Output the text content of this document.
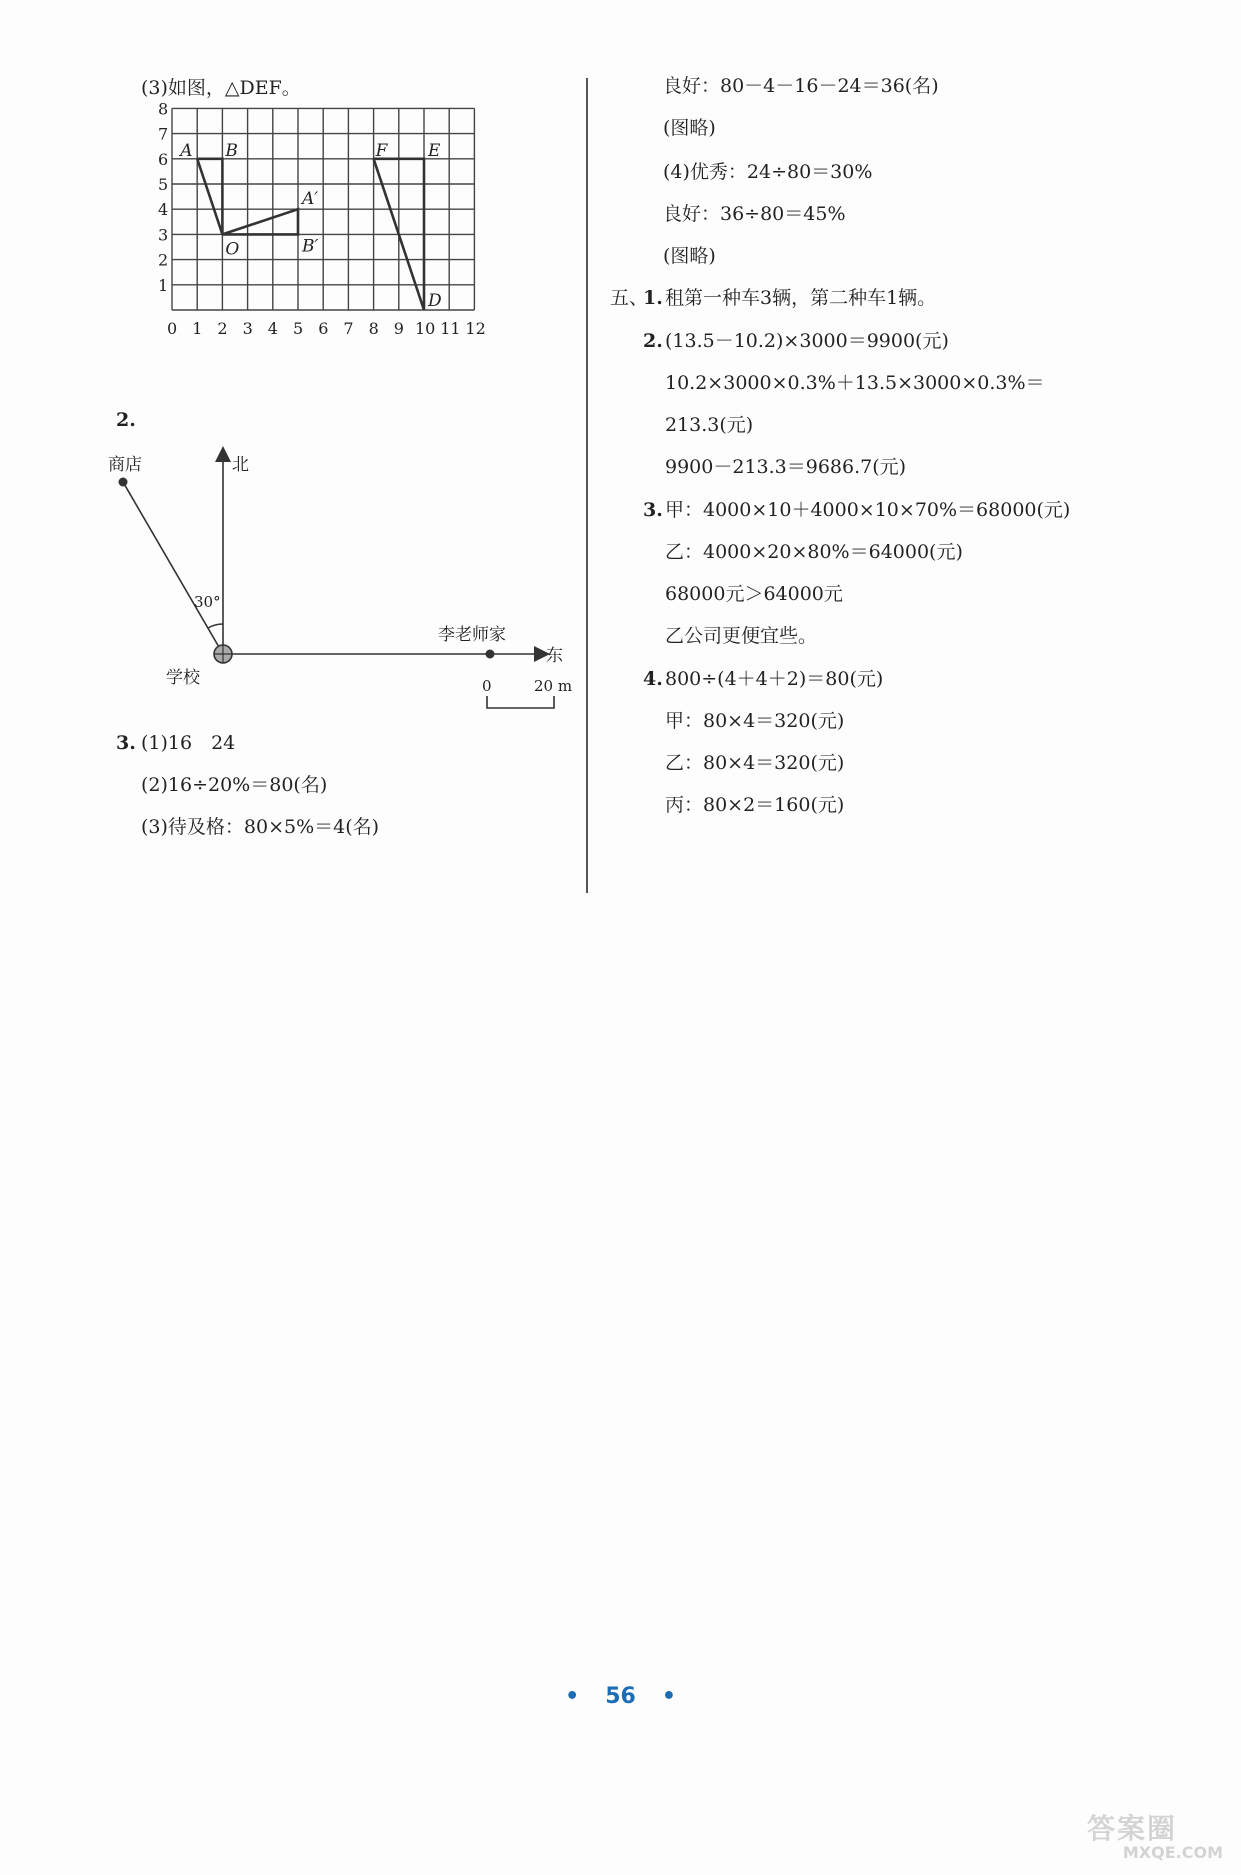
(3)如图，△DEF。
1
2
3
4
5
6
7
8
0 1 2 3 4 5 6 7 8 9 10 11 12
A B
O
A′
B′
F E
D
2.
北
东
商店
30°
学校
李老师家
0	20 m
3. (1)16　24
(2)16÷20%＝80(名)
(3)待及格：80×5%＝4(名)
良好：80－4－16－24＝36(名)
(图略)
(4)优秀：24÷80＝30%
良好：36÷80＝45%
(图略)
五、
1. 租第一种车3辆，第二种车1辆。
2. (13.5－10.2)×3000＝9900(元)
10.2×3000×0.3%＋13.5×3000×0.3%＝
213.3(元)
9900－213.3＝9686.7(元)
3. 甲：4000×10＋4000×10×70%＝68000(元)
乙：4000×20×80%＝64000(元)
68000元＞64000元
乙公司更便宜些。
4. 800÷(4＋4＋2)＝80(元)
甲：80×4＝320(元)
乙：80×4＝320(元)
丙：80×2＝160(元)
• 56 •
答案圈
MXQE.COM
